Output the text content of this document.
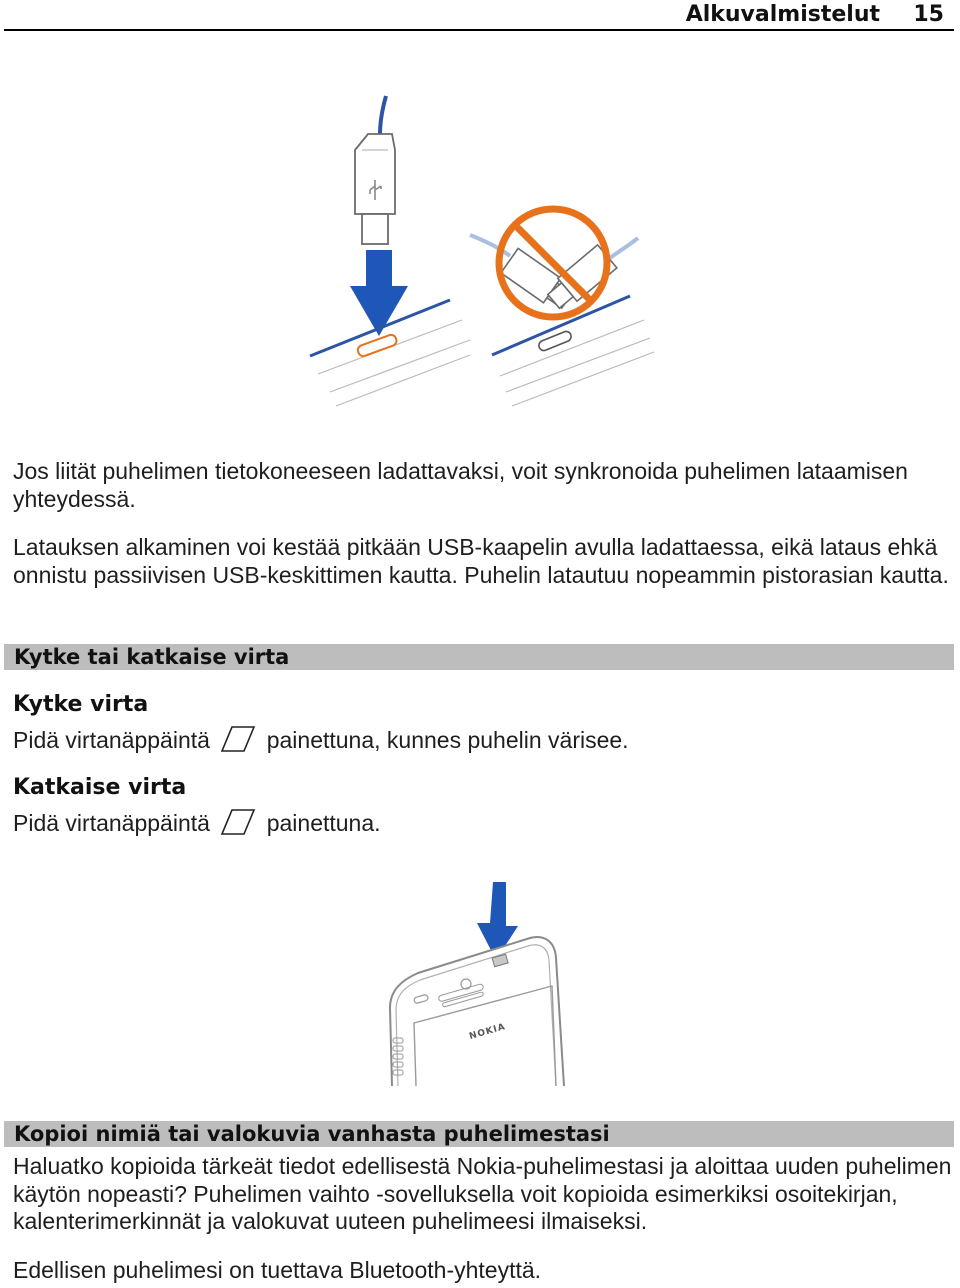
Alkuvalmistelut 15

Jos liität puhelimen tietokoneeseen ladattavaksi, voit synkronoida puhelimen lataamisen yhteydessä.

Latauksen alkaminen voi kestää pitkään USB-kaapelin avulla ladattaessa, eikä lataus ehkä onnistu passiivisen USB-keskittimen kautta. Puhelin latautuu nopeammin pistorasian kautta.

Kytke tai katkaise virta

Kytke virta

Pidä virtanäppäintä painettuna, kunnes puhelin värisee.

Katkaise virta

Pidä virtanäppäintä painettuna.

NOKIA
Kopioi nimiä tai valokuvia vanhasta puhelimestasi

Haluatko kopioida tärkeät tiedot edellisestä Nokia-puhelimestasi ja aloittaa uuden puhelimen käytön nopeasti? Puhelimen vaihto -sovelluksella voit kopioida esimerkiksi osoitekirjan, kalenterimerkinnät ja valokuvat uuteen puhelimeesi ilmaiseksi.

Edellisen puhelimesi on tuettava Bluetooth-yhteyttä.
